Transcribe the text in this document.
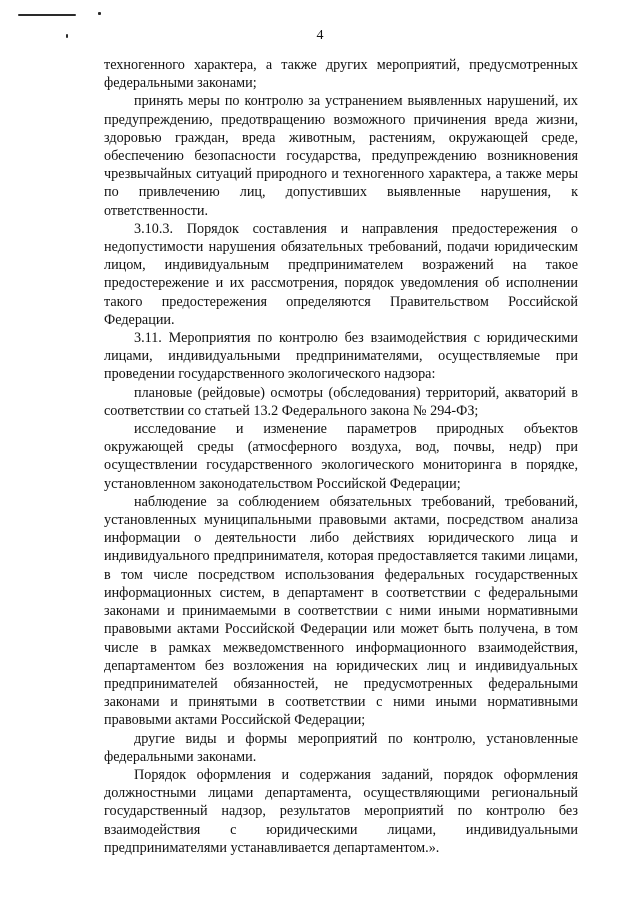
4

техногенного характера, а также других мероприятий, предусмотренных федеральными законами;

принять меры по контролю за устранением выявленных нарушений, их предупреждению, предотвращению возможного причинения вреда жизни, здоровью граждан, вреда животным, растениям, окружающей среде, обеспечению безопасности государства, предупреждению возникновения чрезвычайных ситуаций природного и техногенного характера, а также меры по привлечению лиц, допустивших выявленные нарушения, к ответственности.

3.10.3. Порядок составления и направления предостережения о недопустимости нарушения обязательных требований, подачи юридическим лицом, индивидуальным предпринимателем возражений на такое предостережение и их рассмотрения, порядок уведомления об исполнении такого предостережения определяются Правительством Российской Федерации.

3.11. Мероприятия по контролю без взаимодействия с юридическими лицами, индивидуальными предпринимателями, осуществляемые при проведении государственного экологического надзора:

плановые (рейдовые) осмотры (обследования) территорий, акваторий в соответствии со статьей 13.2 Федерального закона № 294-ФЗ;

исследование и изменение параметров природных объектов окружающей среды (атмосферного воздуха, вод, почвы, недр) при осуществлении государственного экологического мониторинга в порядке, установленном законодательством Российской Федерации;

наблюдение за соблюдением обязательных требований, требований, установленных муниципальными правовыми актами, посредством анализа информации о деятельности либо действиях юридического лица и индивидуального предпринимателя, которая предоставляется такими лицами, в том числе посредством использования федеральных государственных информационных систем, в департамент в соответствии с федеральными законами и принимаемыми в соответствии с ними иными нормативными правовыми актами Российской Федерации или может быть получена, в том числе в рамках межведомственного информационного взаимодействия, департаментом без возложения на юридических лиц и индивидуальных предпринимателей обязанностей, не предусмотренных федеральными законами и принятыми в соответствии с ними иными нормативными правовыми актами Российской Федерации;

другие виды и формы мероприятий по контролю, установленные федеральными законами.

Порядок оформления и содержания заданий, порядок оформления должностными лицами департамента, осуществляющими региональный государственный надзор, результатов мероприятий по контролю без взаимодействия с юридическими лицами, индивидуальными предпринимателями устанавливается департаментом.».
